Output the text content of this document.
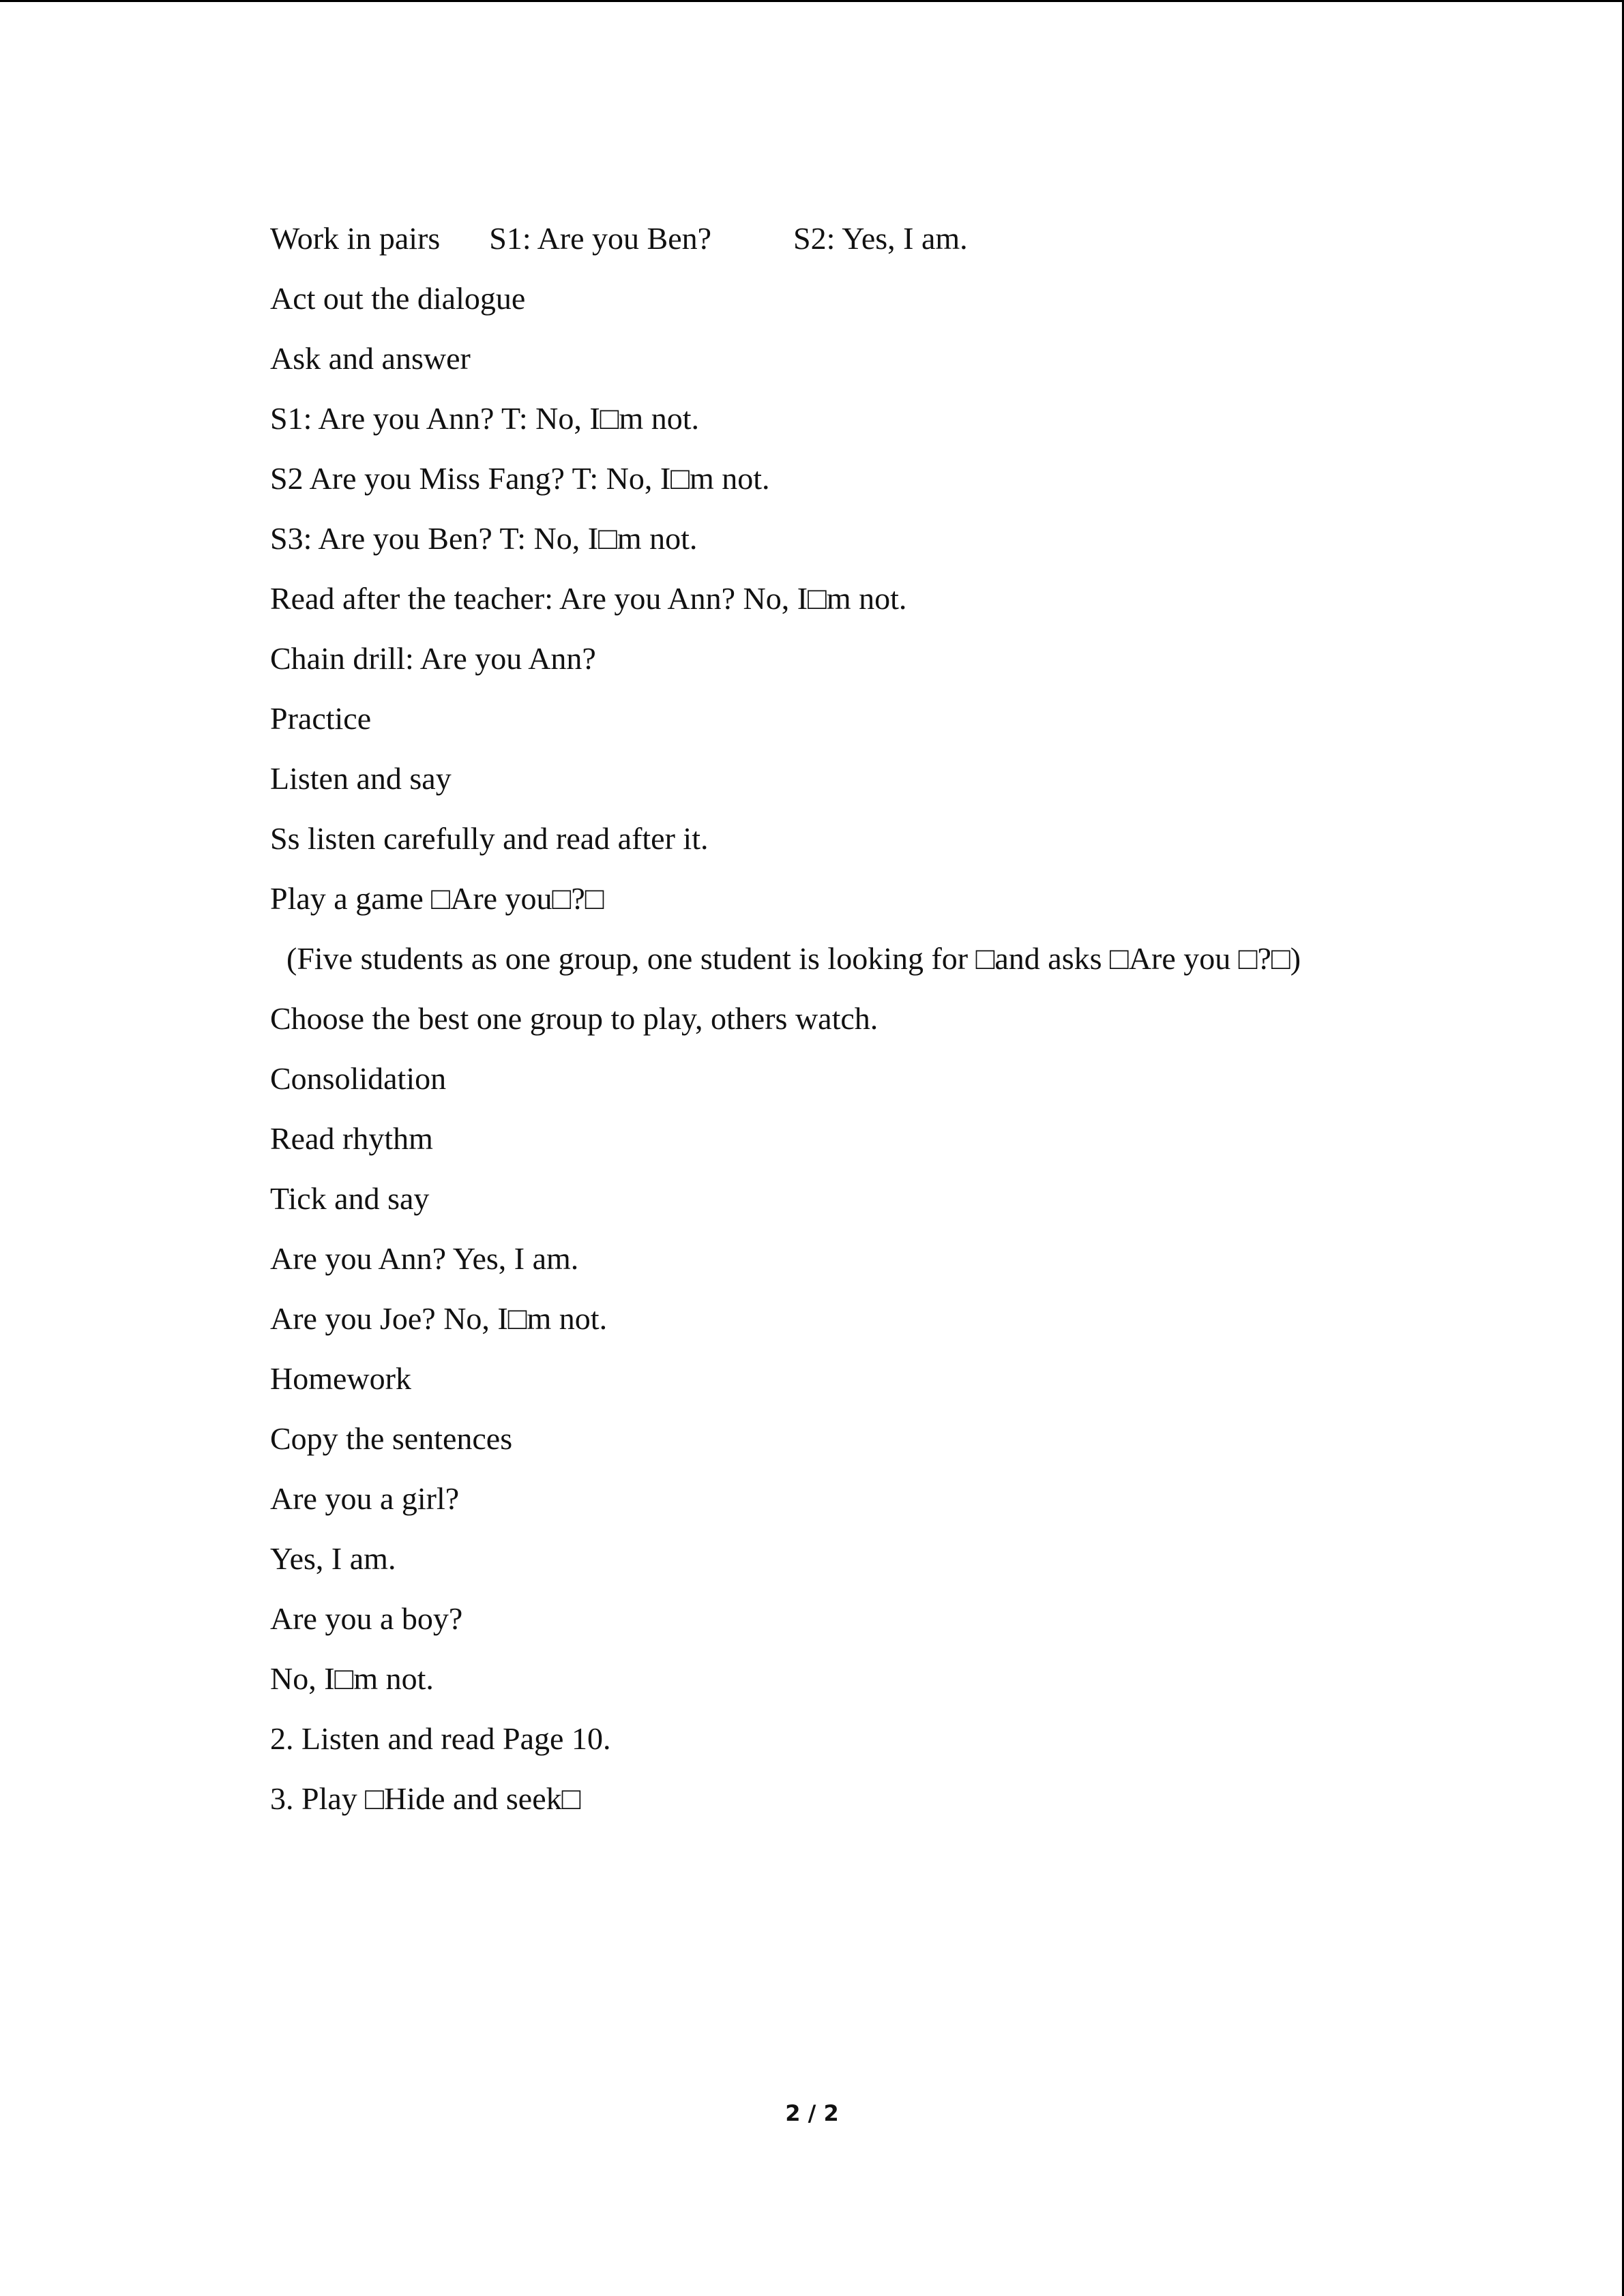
Work in pairs S1: Are you Ben?	S2: Yes, I am.
Act out the dialogue
Ask and answer
S1: Are you Ann? T: No, I□m not.
S2 Are you Miss Fang? T: No, I□m not.
S3: Are you Ben? T: No, I□m not.
Read after the teacher: Are you Ann? No, I□m not.
Chain drill: Are you Ann?
Practice
Listen and say
Ss listen carefully and read after it.
Play a game □Are you□?□
(Five students as one group, one student is looking for □and asks □Are you □?□)
Choose the best one group to play, others watch.
Consolidation
Read rhythm
Tick and say
Are you Ann? Yes, I am.
Are you Joe? No, I□m not.
Homework
Copy the sentences
Are you a girl?
Yes, I am.
Are you a boy?
No, I□m not.
2. Listen and read Page 10.
3. Play □Hide and seek□
2 / 2
